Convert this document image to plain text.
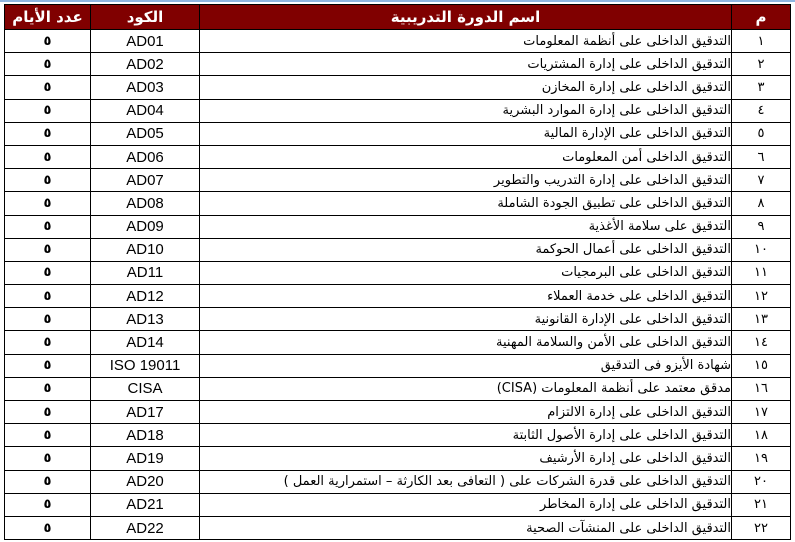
عدد الأيام	الكود	اسم الدورة التدريبية	م
٥	AD01	التدقيق الداخلى على أنظمة المعلومات	١
٥	AD02	التدقيق الداخلى على إدارة المشتريات	٢
٥	AD03	التدقيق الداخلى على إدارة المخازن	٣
٥	AD04	التدقيق الداخلى على إدارة الموارد البشرية	٤
٥	AD05	التدقيق الداخلى على الإدارة المالية	٥
٥	AD06	التدقيق الداخلى أمن المعلومات	٦
٥	AD07	التدقيق الداخلى على إدارة التدريب والتطوير	٧
٥	AD08	التدقيق الداخلى على تطبيق الجودة الشاملة	٨
٥	AD09	التدقيق على سلامة الأغذية	٩
٥	AD10	التدقيق الداخلى على أعمال الحوكمة	١٠
٥	AD11	التدقيق الداخلى على البرمجيات	١١
٥	AD12	التدقيق الداخلى على خدمة العملاء	١٢
٥	AD13	التدقيق الداخلى على الإدارة القانونية	١٣
٥	AD14	التدقيق الداخلى على الأمن والسلامة المهنية	١٤
٥	ISO 19011	شهادة الأيزو فى التدقيق	١٥
٥	CISA	مدقق معتمد على أنظمة المعلومات (CISA)	١٦
٥	AD17	التدقيق الداخلى على إدارة الالتزام	١٧
٥	AD18	التدقيق الداخلى على إدارة الأصول الثابتة	١٨
٥	AD19	التدقيق الداخلى على إدارة الأرشيف	١٩
٥	AD20	التدقيق الداخلى على قدرة الشركات على ( التعافى بعد الكارثة – استمرارية العمل )	٢٠
٥	AD21	التدقيق الداخلى على إدارة المخاطر	٢١
٥	AD22	التدقيق الداخلى على المنشآت الصحية	٢٢
